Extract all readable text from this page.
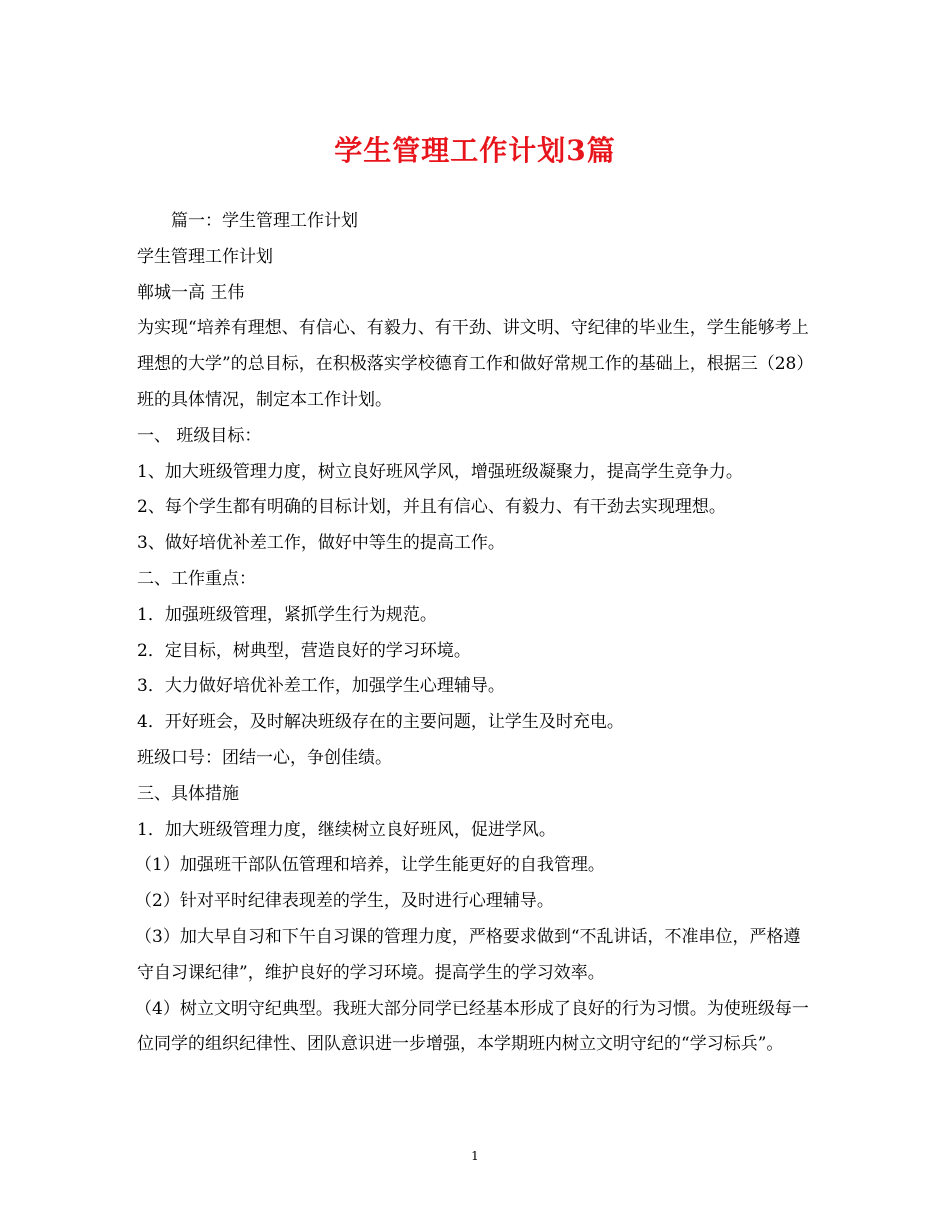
学生管理工作计划3篇

篇一：学生管理工作计划

学生管理工作计划

郸城一高 王伟

为实现“培养有理想、有信心、有毅力、有干劲、讲文明、守纪律的毕业生，学生能够考上理想的大学”的总目标，在积极落实学校德育工作和做好常规工作的基础上，根据三（28）班的具体情况，制定本工作计划。

一、 班级目标：

1、加大班级管理力度，树立良好班风学风，增强班级凝聚力，提高学生竞争力。

2、每个学生都有明确的目标计划，并且有信心、有毅力、有干劲去实现理想。

3、做好培优补差工作，做好中等生的提高工作。

二、工作重点：

1．加强班级管理，紧抓学生行为规范。

2．定目标，树典型，营造良好的学习环境。

3．大力做好培优补差工作，加强学生心理辅导。

4．开好班会，及时解决班级存在的主要问题，让学生及时充电。

班级口号：团结一心，争创佳绩。

三、具体措施

1．加大班级管理力度，继续树立良好班风，促进学风。

（1）加强班干部队伍管理和培养，让学生能更好的自我管理。

（2）针对平时纪律表现差的学生，及时进行心理辅导。

（3）加大早自习和下午自习课的管理力度，严格要求做到“不乱讲话，不准串位，严格遵守自习课纪律”，维护良好的学习环境。提高学生的学习效率。

（4）树立文明守纪典型。我班大部分同学已经基本形成了良好的行为习惯。为使班级每一位同学的组织纪律性、团队意识进一步增强，本学期班内树立文明守纪的“学习标兵”。

1
